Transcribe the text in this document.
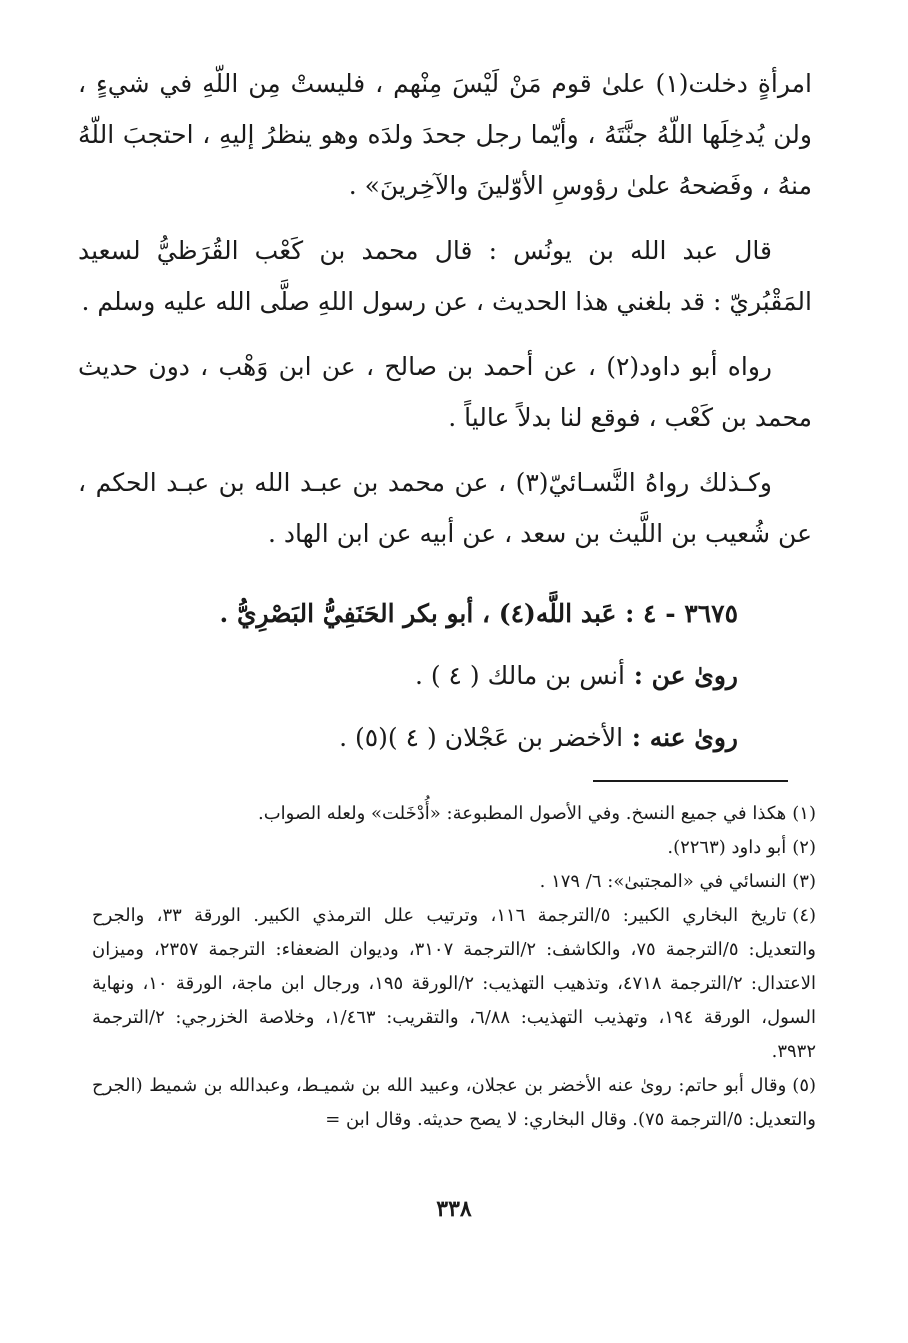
امرأةٍ دخلت(١) علىٰ قوم مَنْ لَيْسَ مِنْهم ، فليستْ مِن اللّهِ في شيءٍ ، ولن يُدخِلَها اللّهُ جنَّتَهُ ، وأيّما رجل جحدَ ولدَه وهو ينظرُ إليهِ ، احتجبَ اللّهُ منهُ ، وفَضحهُ علىٰ رؤوسِ الأوّلينَ والآخِرينَ» .

قال عبد الله بن يونُس : قال محمد بن كَعْب القُرَظيُّ لسعيد المَقْبُريّ : قد بلغني هذا الحديث ، عن رسول اللهِ صلَّى الله عليه وسلم .

رواه أبو داود(٢) ، عن أحمد بن صالح ، عن ابن وَهْب ، دون حديث محمد بن كَعْب ، فوقع لنا بدلاً عالياً .

وكـذلك رواهُ النَّسـائيّ(٣) ، عن محمد بن عبـد الله بن عبـد الحكم ، عن شُعيب بن اللَّيث بن سعد ، عن أبيه عن ابن الهاد .

٣٦٧٥ - ٤ : عَبد اللَّه(٤) ، أبو بكر الحَنَفِيُّ البَصْرِيُّ .
روىٰ عن : أنس بن مالك ( ٤ ) .
روىٰ عنه : الأخضر بن عَجْلان ( ٤ )(٥) .

(١)هكذا في جميع النسخ. وفي الأصول المطبوعة: «أُدْخَلت» ولعله الصواب.

(٢)أبو داود (٢٢٦٣).

(٣)النسائي في «المجتبىٰ»: ٦/ ١٧٩ .

(٤)تاريخ البخاري الكبير: ٥/الترجمة ١١٦، وترتيب علل الترمذي الكبير. الورقة ٣٣، والجرح والتعديل: ٥/الترجمة ٧٥، والكاشف: ٢/الترجمة ٣١٠٧، وديوان الضعفاء: الترجمة ٢٣٥٧، وميزان الاعتدال: ٢/الترجمة ٤٧١٨، وتذهيب التهذيب: ٢/الورقة ١٩٥، ورجال ابن ماجة، الورقة ١٠، ونهاية السول، الورقة ١٩٤، وتهذيب التهذيب: ٦/٨٨، والتقريب: ١/٤٦٣، وخلاصة الخزرجي: ٢/الترجمة ٣٩٣٢.

(٥)وقال أبو حاتم: روىٰ عنه الأخضر بن عجلان، وعبيد الله بن شميـط، وعبدالله بن شميط (الجرح والتعديل: ٥/الترجمة ٧٥). وقال البخاري: لا يصح حديثه. وقال ابن =

٣٣٨
